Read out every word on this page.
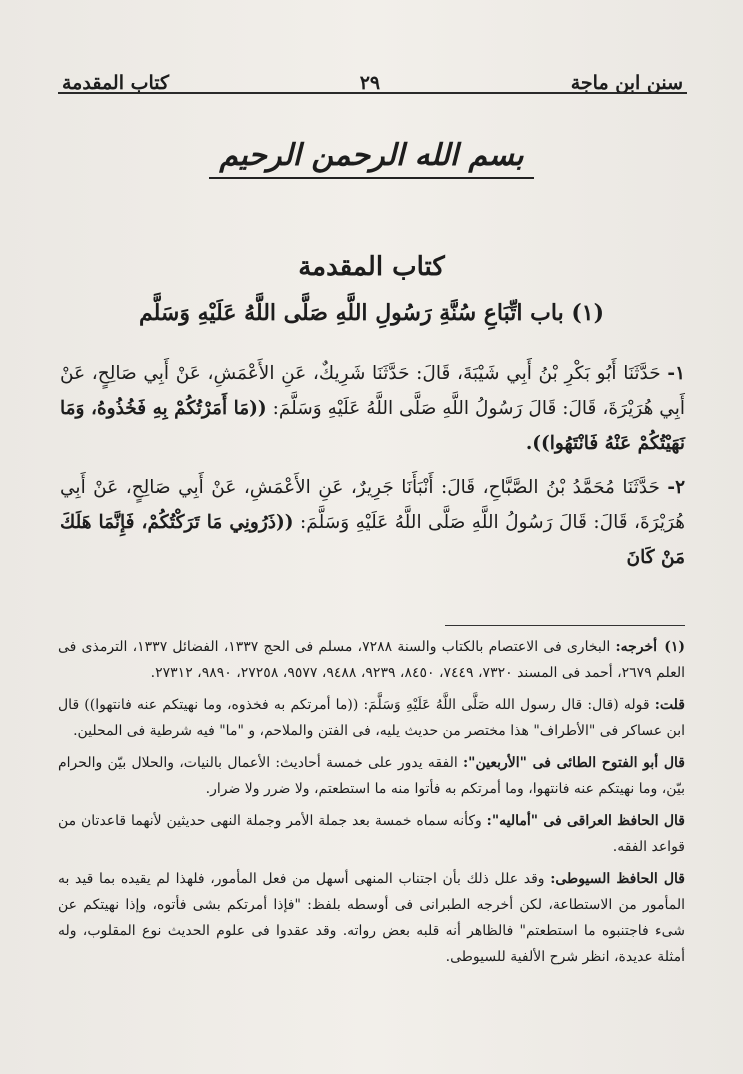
سنن ابن ماجة
٢٩
كتاب المقدمة
بسم الله الرحمن الرحيم
كتاب المقدمة
(١) باب اتِّبَاعِ سُنَّةِ رَسُولِ اللَّهِ صَلَّى اللَّهُ عَلَيْهِ وَسَلَّم
١- حَدَّثَنَا أَبُو بَكْرِ بْنُ أَبِي شَيْبَةَ، قَالَ: حَدَّثَنَا شَرِيكٌ، عَنِ الأَعْمَشِ، عَنْ أَبِي صَالِحٍ، عَنْ أَبِي هُرَيْرَةَ، قَالَ: قَالَ رَسُولُ اللَّهِ صَلَّى اللَّهُ عَلَيْهِ وَسَلَّمَ: ((مَا أَمَرْتُكُمْ بِهِ فَخُذُوهُ، وَمَا نَهَيْتُكُمْ عَنْهُ فَانْتَهُوا)).
٢- حَدَّثَنَا مُحَمَّدُ بْنُ الصَّبَّاحِ، قَالَ: أَنْبَأَنَا جَرِيرٌ، عَنِ الأَعْمَشِ، عَنْ أَبِي صَالِحٍ، عَنْ أَبِي هُرَيْرَةَ، قَالَ: قَالَ رَسُولُ اللَّهِ صَلَّى اللَّهُ عَلَيْهِ وَسَلَّمَ: ((ذَرُونِي مَا تَرَكْتُكُمْ، فَإِنَّمَا هَلَكَ مَنْ كَانَ

(١) أخرجه: البخارى فى الاعتصام بالكتاب والسنة ٧٢٨٨، مسلم فى الحج ١٣٣٧، الفضائل ١٣٣٧، الترمذى فى العلم ٢٦٧٩، أحمد فى المسند ٧٣٢٠، ٧٤٤٩، ٨٤٥٠، ٩٢٣٩، ٩٤٨٨، ٩٥٧٧، ٢٧٢٥٨، ٩٨٩٠، ٢٧٣١٢.

قلت: قوله (قال: قال رسول الله صَلَّى اللَّهُ عَلَيْهِ وَسَلَّمَ: ((ما أمرتكم به فخذوه، وما نهيتكم عنه فانتهوا)) قال ابن عساكر فى "الأطراف" هذا مختصر من حديث يليه، فى الفتن والملاحم، و "ما" فيه شرطية فى المحلين.

قال أبو الفتوح الطائى فى "الأربعين": الفقه يدور على خمسة أحاديث: الأعمال بالنيات، والحلال بيّن والحرام بيّن، وما نهيتكم عنه فانتهوا، وما أمرتكم به فأتوا منه ما استطعتم، ولا ضرر ولا ضرار.

قال الحافظ العراقى فى "أماليه": وكأنه سماه خمسة بعد جملة الأمر وجملة النهى حديثين لأنهما قاعدتان من قواعد الفقه.

قال الحافظ السيوطى: وقد علل ذلك بأن اجتناب المنهى أسهل من فعل المأمور، فلهذا لم يقيده بما قيد به المأمور من الاستطاعة، لكن أخرجه الطبرانى فى أوسطه بلفظ: "فإذا أمرتكم بشى فأتوه، وإذا نهيتكم عن شىء فاجتنبوه ما استطعتم" فالظاهر أنه قلبه بعض رواته. وقد عقدوا فى علوم الحديث نوع المقلوب، وله أمثلة عديدة، انظر شرح الألفية للسيوطى.
